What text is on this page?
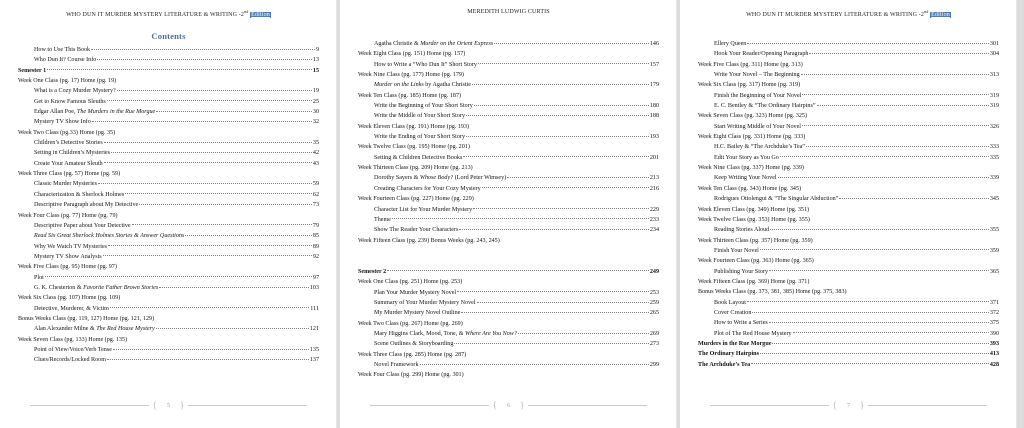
WHO DUN IT MURDER MYSTERY LITERATURE & WRITING -2nd Edition
Contents
How to Use This Book	9
Who Dun It? Course Info	13
Semester 1	15
Week One Class (pg. 17) Home (pg. 19)
What is a Cozy Murder Mystery?	19
Get to Know Famous Sleuths	25
Edgar Allan Poe, The Murders in the Rue Morgue	30
Mystery TV Show Info	32
Week Two Class (pg.33) Home (pg. 35)
Children’s Detective Stories	35
Setting in Children’s Mysteries	42
Create Your Amateur Sleuth	43
Week Three Class (pg. 57) Home (pg. 59)
Classic Murder Mysteries	59
Characterization & Sherlock Holmes	62
Descriptive Paragraph about My Detective	73
Week Four Class (pg. 77) Home (pg. 79)
Descriptive Paper about Your Detective	79
Read Six Great Sherlock Holmes Stories & Answer Questions	85
Why We Watch TV Mysteries	89
Mystery TV Show Analysis	92
Week Five Class (pg. 95) Home (pg. 97)
Plot	97
G. K. Chesterton & Favorite Father Brown Stories	103
Week Six Class (pg. 107) Home (pg. 109)
Detective, Murderer, & Victim	111
Bonus Weeks Class (pg. 119, 127) Home (pg. 121, 129)
Alan Alexander Milne & The Red House Mystery	121
Week Seven Class (pg. 133) Home (pg. 135)
Point of View/Voice/Verb Tense	135
Clues/Records/Locked Room	137
{	5	}
MEREDITH LUDWIG CURTIS
Agatha Christie & Murder on the Orient Express	146
Week Eight Class (pg. 151) Home (pg. 157)
How to Write a “Who Dun It” Short Story	157
Week Nine Class (pg. 177) Home (pg. 179)
Murder on the Links by Agatha Christie	179
Week Ten Class (pg. 185) Home (pg. 187)
Write the Beginning of Your Short Story	180
Write the Middle of Your Short Story	188
Week Eleven Class (pg. 191) Home (pg. 193)
Write the Ending of Your Short Story	193
Week Twelve Class (pg. 195) Home (pg. 201)
Setting & Children Detective Books	201
Week Thirteen Class (pg. 209) Home (pg. 213)
Dorothy Sayers & Whose Body? (Lord Peter Wimsey)	213
Creating Characters for Your Cozy Mystery	216
Week Fourteen Class (pg. 227) Home (pg. 229)
Character List for Your Murder Mystery	229
Theme	233
Show The Reader Your Characters	234
Week Fifteen Class (pg. 239) Bonus Weeks (pg. 243, 245)
Semester 2	249
Week One Class (pg. 251) Home (pg. 253)
Plan Your Murder Mystery Novel	253
Summary of Your Murder Mystery Novel	259
My Murder Mystery Novel Outline	265
Week Two Class (pg. 267) Home (pg. 269)
Mary Higgins Clark, Mood, Tone, & Where Are You Now?	269
Scene Outlines & Storyboarding	273
Week Three Class (pg. 285) Home (pg. 287)
Novel Framework	299
Week Four Class (pg. 299) Home (pg. 301)
{	6	}
WHO DUN IT MURDER MYSTERY LITERATURE & WRITING -2nd Edition
Ellery Queen	301
Hook Your Reader/Opening Paragraph	304
Week Five Class (pg. 311) Home (pg. 313)
Write Your Novel – The Beginning	313
Week Six Class (pg. 317) Home (pg. 319)
Finish the Beginning of Your Novel	319
E. C. Bentley & “The Ordinary Hairpins”	319
Week Seven Class (pg. 323) Home (pg. 325)
Start Writing Middle of Your Novel	326
Week Eight Class (pg. 331) Home (pg. 333)
H.C. Bailey & “The Archduke’s Tea”	333
Edit Your Story as You Go	335
Week Nine Class (pg. 337) Home (pg. 339)
Keep Writing Your Novel	339
Week Ten Class (pg. 343) Home (pg. 345)
Rodrigues Ottolengui & “The Singular Abduction”	345
Week Eleven Class (pg. 349) Home (pg. 351)
Week Twelve Class (pg. 353) Home (pg. 355)
Reading Stories Aloud	355
Week Thirteen Class (pg. 357) Home (pg. 359)
Finish Your Novel	359
Week Fourteen Class (pg. 363) Home (pg. 365)
Publishing Your Story	365
Week Fifteen Class (pg. 369) Home (pg. 371)
Bonus Weeks Class (pg. 373, 381, 385) Home (pg. 375, 383)
Book Layout	371
Cover Creation	372
How to Write a Series	375
Plot of The Red House Mystery	390
Murders in the Rue Morgue	393
The Ordinary Hairpins	413
The Archduke’s Tea	428
{	7	}
